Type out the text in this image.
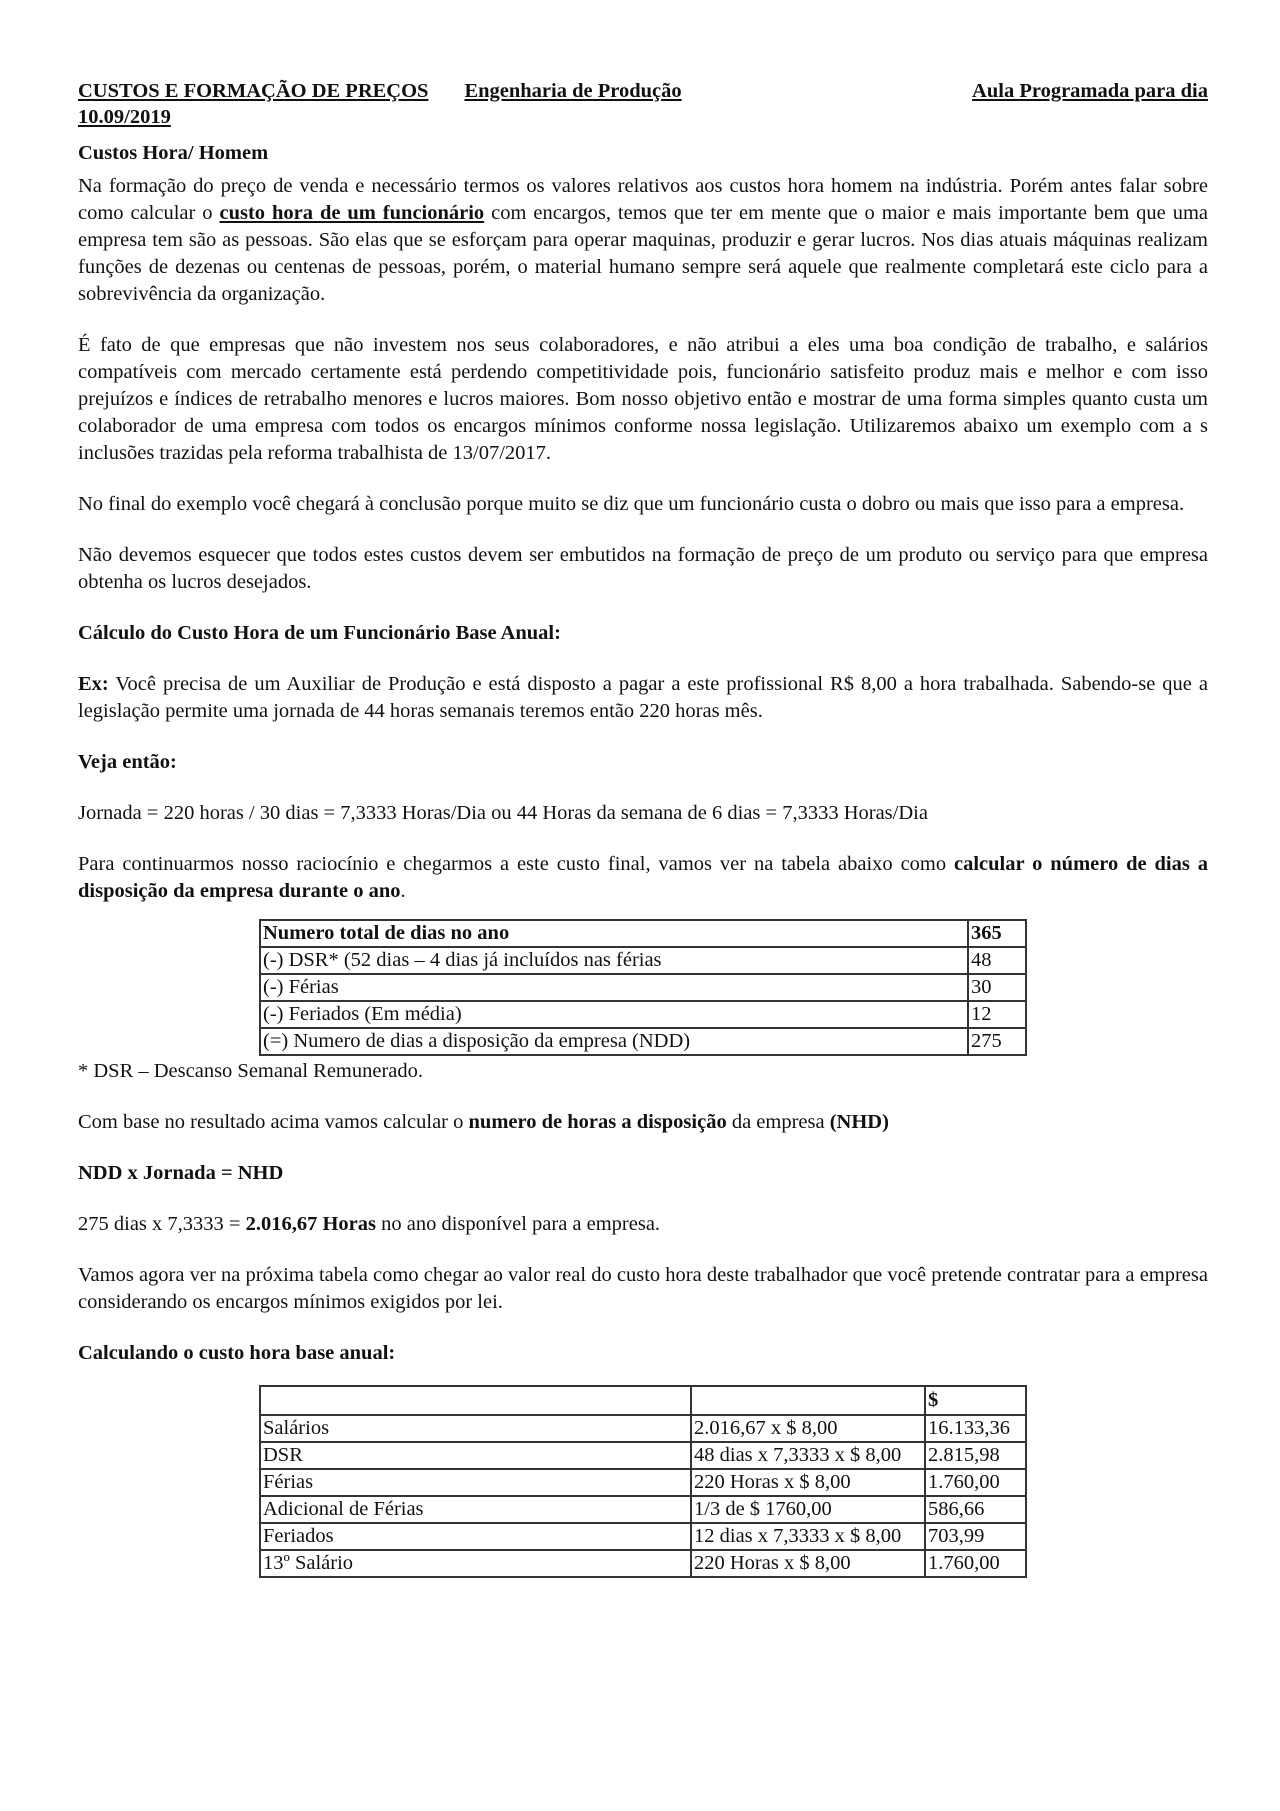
CUSTOS E FORMAÇÃO DE PREÇOS Engenharia de Produção	Aula Programada para dia
10.09/2019

Custos Hora/ Homem

Na formação do preço de venda e necessário termos os valores relativos aos custos hora homem na indústria. Porém antes falar sobre como calcular o custo hora de um funcionário com encargos, temos que ter em mente que o maior e mais importante bem que uma empresa tem são as pessoas. São elas que se esforçam para operar maquinas, produzir e gerar lucros. Nos dias atuais máquinas realizam funções de dezenas ou centenas de pessoas, porém, o material humano sempre será aquele que realmente completará este ciclo para a sobrevivência da organização.

É fato de que empresas que não investem nos seus colaboradores, e não atribui a eles uma boa condição de trabalho, e salários compatíveis com mercado certamente está perdendo competitividade pois, funcionário satisfeito produz mais e melhor e com isso prejuízos e índices de retrabalho menores e lucros maiores. Bom nosso objetivo então e mostrar de uma forma simples quanto custa um colaborador de uma empresa com todos os encargos mínimos conforme nossa legislação. Utilizaremos abaixo um exemplo com a s inclusões trazidas pela reforma trabalhista de 13/07/2017.

No final do exemplo você chegará à conclusão porque muito se diz que um funcionário custa o dobro ou mais que isso para a empresa.

Não devemos esquecer que todos estes custos devem ser embutidos na formação de preço de um produto ou serviço para que empresa obtenha os lucros desejados.

Cálculo do Custo Hora de um Funcionário Base Anual:

Ex: Você precisa de um Auxiliar de Produção e está disposto a pagar a este profissional R$ 8,00 a hora trabalhada. Sabendo-se que a legislação permite uma jornada de 44 horas semanais teremos então 220 horas mês.

Veja então:

Jornada = 220 horas / 30 dias = 7,3333 Horas/Dia ou 44 Horas da semana de 6 dias = 7,3333 Horas/Dia

Para continuarmos nosso raciocínio e chegarmos a este custo final, vamos ver na tabela abaixo como calcular o número de dias a disposição da empresa durante o ano.

Numero total de dias no ano	365
(-) DSR* (52 dias – 4 dias já incluídos nas férias	48
(-) Férias	30
(-) Feriados (Em média)	12
(=) Numero de dias a disposição da empresa (NDD)	275

* DSR – Descanso Semanal Remunerado.

Com base no resultado acima vamos calcular o numero de horas a disposição da empresa (NHD)

NDD x Jornada = NHD

275 dias x 7,3333 = 2.016,67 Horas no ano disponível para a empresa.

Vamos agora ver na próxima tabela como chegar ao valor real do custo hora deste trabalhador que você pretende contratar para a empresa considerando os encargos mínimos exigidos por lei.

Calculando o custo hora base anual:

		$
Salários	2.016,67 x $ 8,00	16.133,36
DSR	48 dias x 7,3333 x $ 8,00	2.815,98
Férias	220 Horas x $ 8,00	1.760,00
Adicional de Férias	1/3 de $ 1760,00	586,66
Feriados	12 dias x 7,3333 x $ 8,00	703,99
13º Salário	220 Horas x $ 8,00	1.760,00
